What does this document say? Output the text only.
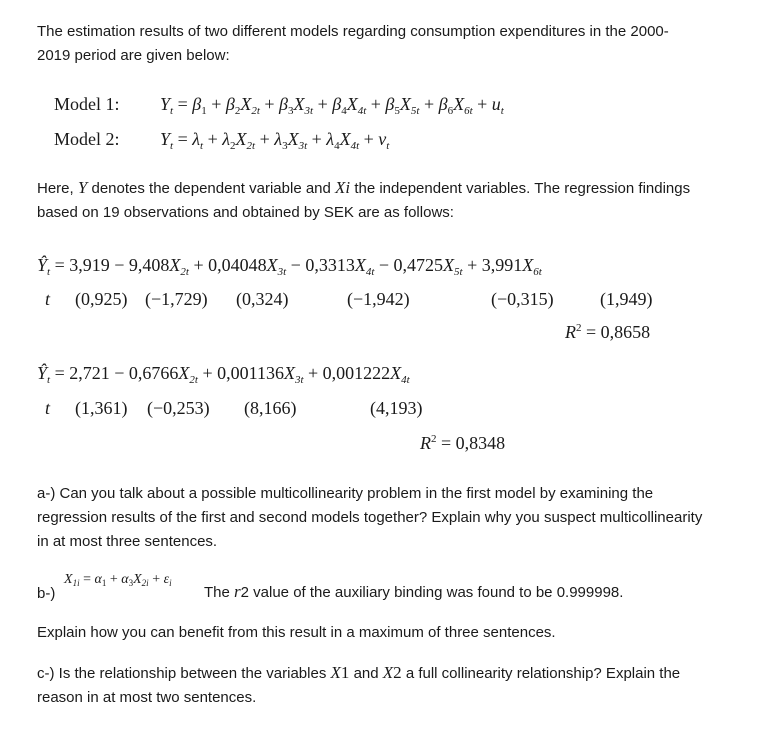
The estimation results of two different models regarding consumption expenditures in the 2000-
2019 period are given below:
Model 1: $Y_t = \beta_1 + \beta_2X_{2t} + \beta_3X_{3t} + \beta_4X_{4t} + \beta_5X_{5t} + \beta_6X_{6t} + u_t$
Model 2: $Y_t = \lambda_t + \lambda_2X_{2t} + \lambda_3X_{3t} + \lambda_4X_{4t} + v_t$
Here, Y denotes the dependent variable and Xi the independent variables. The regression findings
based on 19 observations and obtained by SEK are as follows:
$Ŷ_t = 3,919 - 9,408X_{2t} + 0,04048X_{3t} - 0,3313X_{4t} - 0,4725X_{5t} + 3,991X_{6t}$
t (0,925) (−1,729) (0,324)	(−1,942)	(−0,315)	(1,949)
$R^2 = 0,8658$
$Ŷ_t = 2,721 - 0,6766X_{2t} + 0,001136X_{3t} + 0,001222X_{4t}$
t (1,361) (−0,253) (8,166)	(4,193)
$R^2 = 0,8348$
a-) Can you talk about a possible multicollinearity problem in the first model by examining the
regression results of the first and second models together? Explain why you suspect multicollinearity
in at most three sentences.
b-)
$X_{1i} = \alpha_1 + \alpha_3X_{2i} + \varepsilon_i$
The r2 value of the auxiliary binding was found to be 0.999998.
Explain how you can benefit from this result in a maximum of three sentences.
c-) Is the relationship between the variables X1 and X2 a full collinearity relationship? Explain the
reason in at most two sentences.
